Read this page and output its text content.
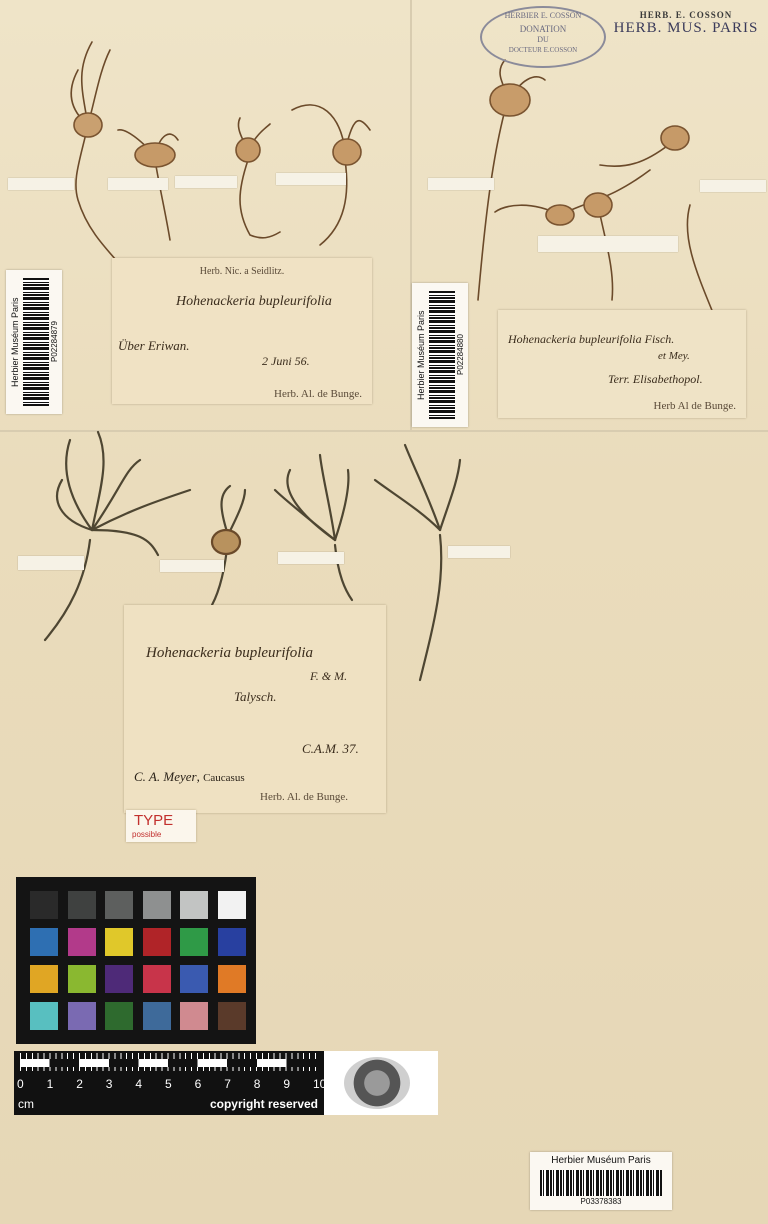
HERB. E. COSSON
HERB. MUS. PARIS
HERBIER E. COSSON
DONATION
DU
DOCTEUR E.COSSON
Herbier Muséum Paris	P02284879	Herbier Muséum Paris	P02284880
Herb. Nic. a Seidlitz.
Hohenackeria bupleurifolia
Über Eriwan.
2 Juni 56.
Herb. Al. de Bunge.
Hohenackeria bupleurifolia Fisch.
et Mey.
Terr. Elisabethopol.
Herb Al de Bunge.
Hohenackeria bupleurifolia
F. & M.
Talysch.
C.A.M. 37.
C. A. Meyer, Caucasus
Herb. Al. de Bunge.
TYPE
possible
0 1 2 3 4 5 6 7 8 9 10
cm	copyright reserved
Herbier Muséum Paris
P03378383
